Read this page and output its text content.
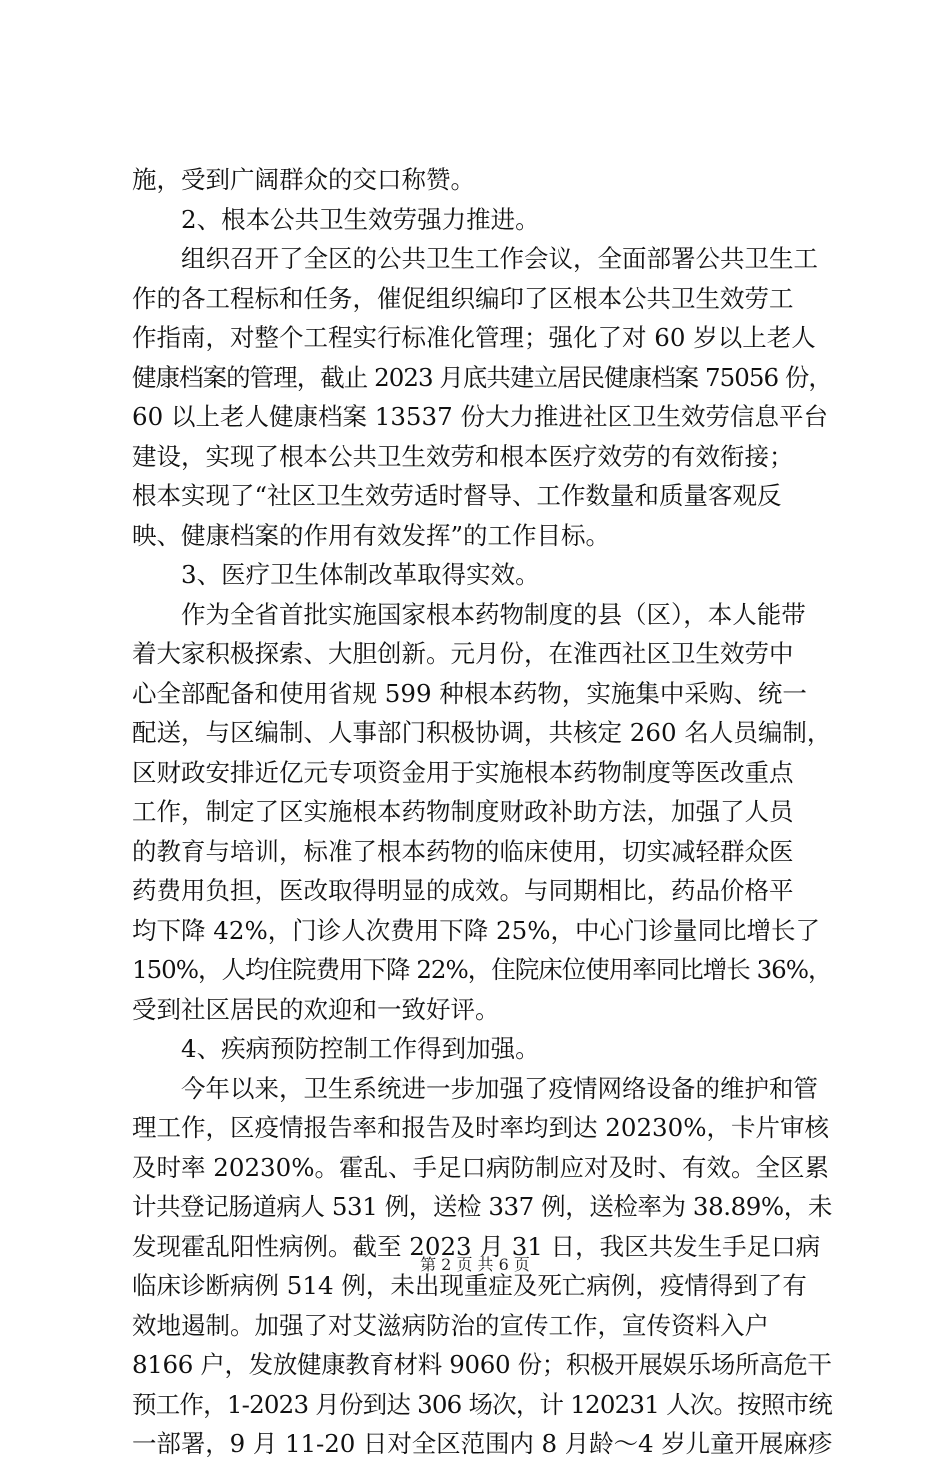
施，受到广阔群众的交口称赞。
　　2、根本公共卫生效劳强力推进。
　　组织召开了全区的公共卫生工作会议，全面部署公共卫生工
作的各工程标和任务，催促组织编印了区根本公共卫生效劳工
作指南，对整个工程实行标准化管理；强化了对 60 岁以上老人
健康档案的管理，截止 2023 月底共建立居民健康档案 75056 份，
60 以上老人健康档案 13537 份大力推进社区卫生效劳信息平台
建设，实现了根本公共卫生效劳和根本医疗效劳的有效衔接；
根本实现了“社区卫生效劳适时督导、工作数量和质量客观反
映、健康档案的作用有效发挥”的工作目标。
　　3、医疗卫生体制改革取得实效。
　　作为全省首批实施国家根本药物制度的县（区），本人能带
着大家积极探索、大胆创新。元月份，在淮西社区卫生效劳中
心全部配备和使用省规 599 种根本药物，实施集中采购、统一
配送，与区编制、人事部门积极协调，共核定 260 名人员编制，
区财政安排近亿元专项资金用于实施根本药物制度等医改重点
工作，制定了区实施根本药物制度财政补助方法，加强了人员
的教育与培训，标准了根本药物的临床使用，切实减轻群众医
药费用负担，医改取得明显的成效。与同期相比，药品价格平
均下降 42%，门诊人次费用下降 25%，中心门诊量同比增长了
150%，人均住院费用下降 22%，住院床位使用率同比增长 36%，
受到社区居民的欢迎和一致好评。
　　4、疾病预防控制工作得到加强。
　　今年以来，卫生系统进一步加强了疫情网络设备的维护和管
理工作，区疫情报告率和报告及时率均到达 20230%，卡片审核
及时率 20230%。霍乱、手足口病防制应对及时、有效。全区累
计共登记肠道病人 531 例，送检 337 例，送检率为 38.89%，未
发现霍乱阳性病例。截至 2023 月 31 日，我区共发生手足口病
临床诊断病例 514 例，未出现重症及死亡病例，疫情得到了有
效地遏制。加强了对艾滋病防治的宣传工作，宣传资料入户
8166 户，发放健康教育材料 9060 份；积极开展娱乐场所高危干
预工作，1-2023 月份到达 306 场次，计 120231 人次。按照市统
一部署，9 月 11-20 日对全区范围内 8 月龄～4 岁儿童开展麻疹
第 2 页 共 6 页
